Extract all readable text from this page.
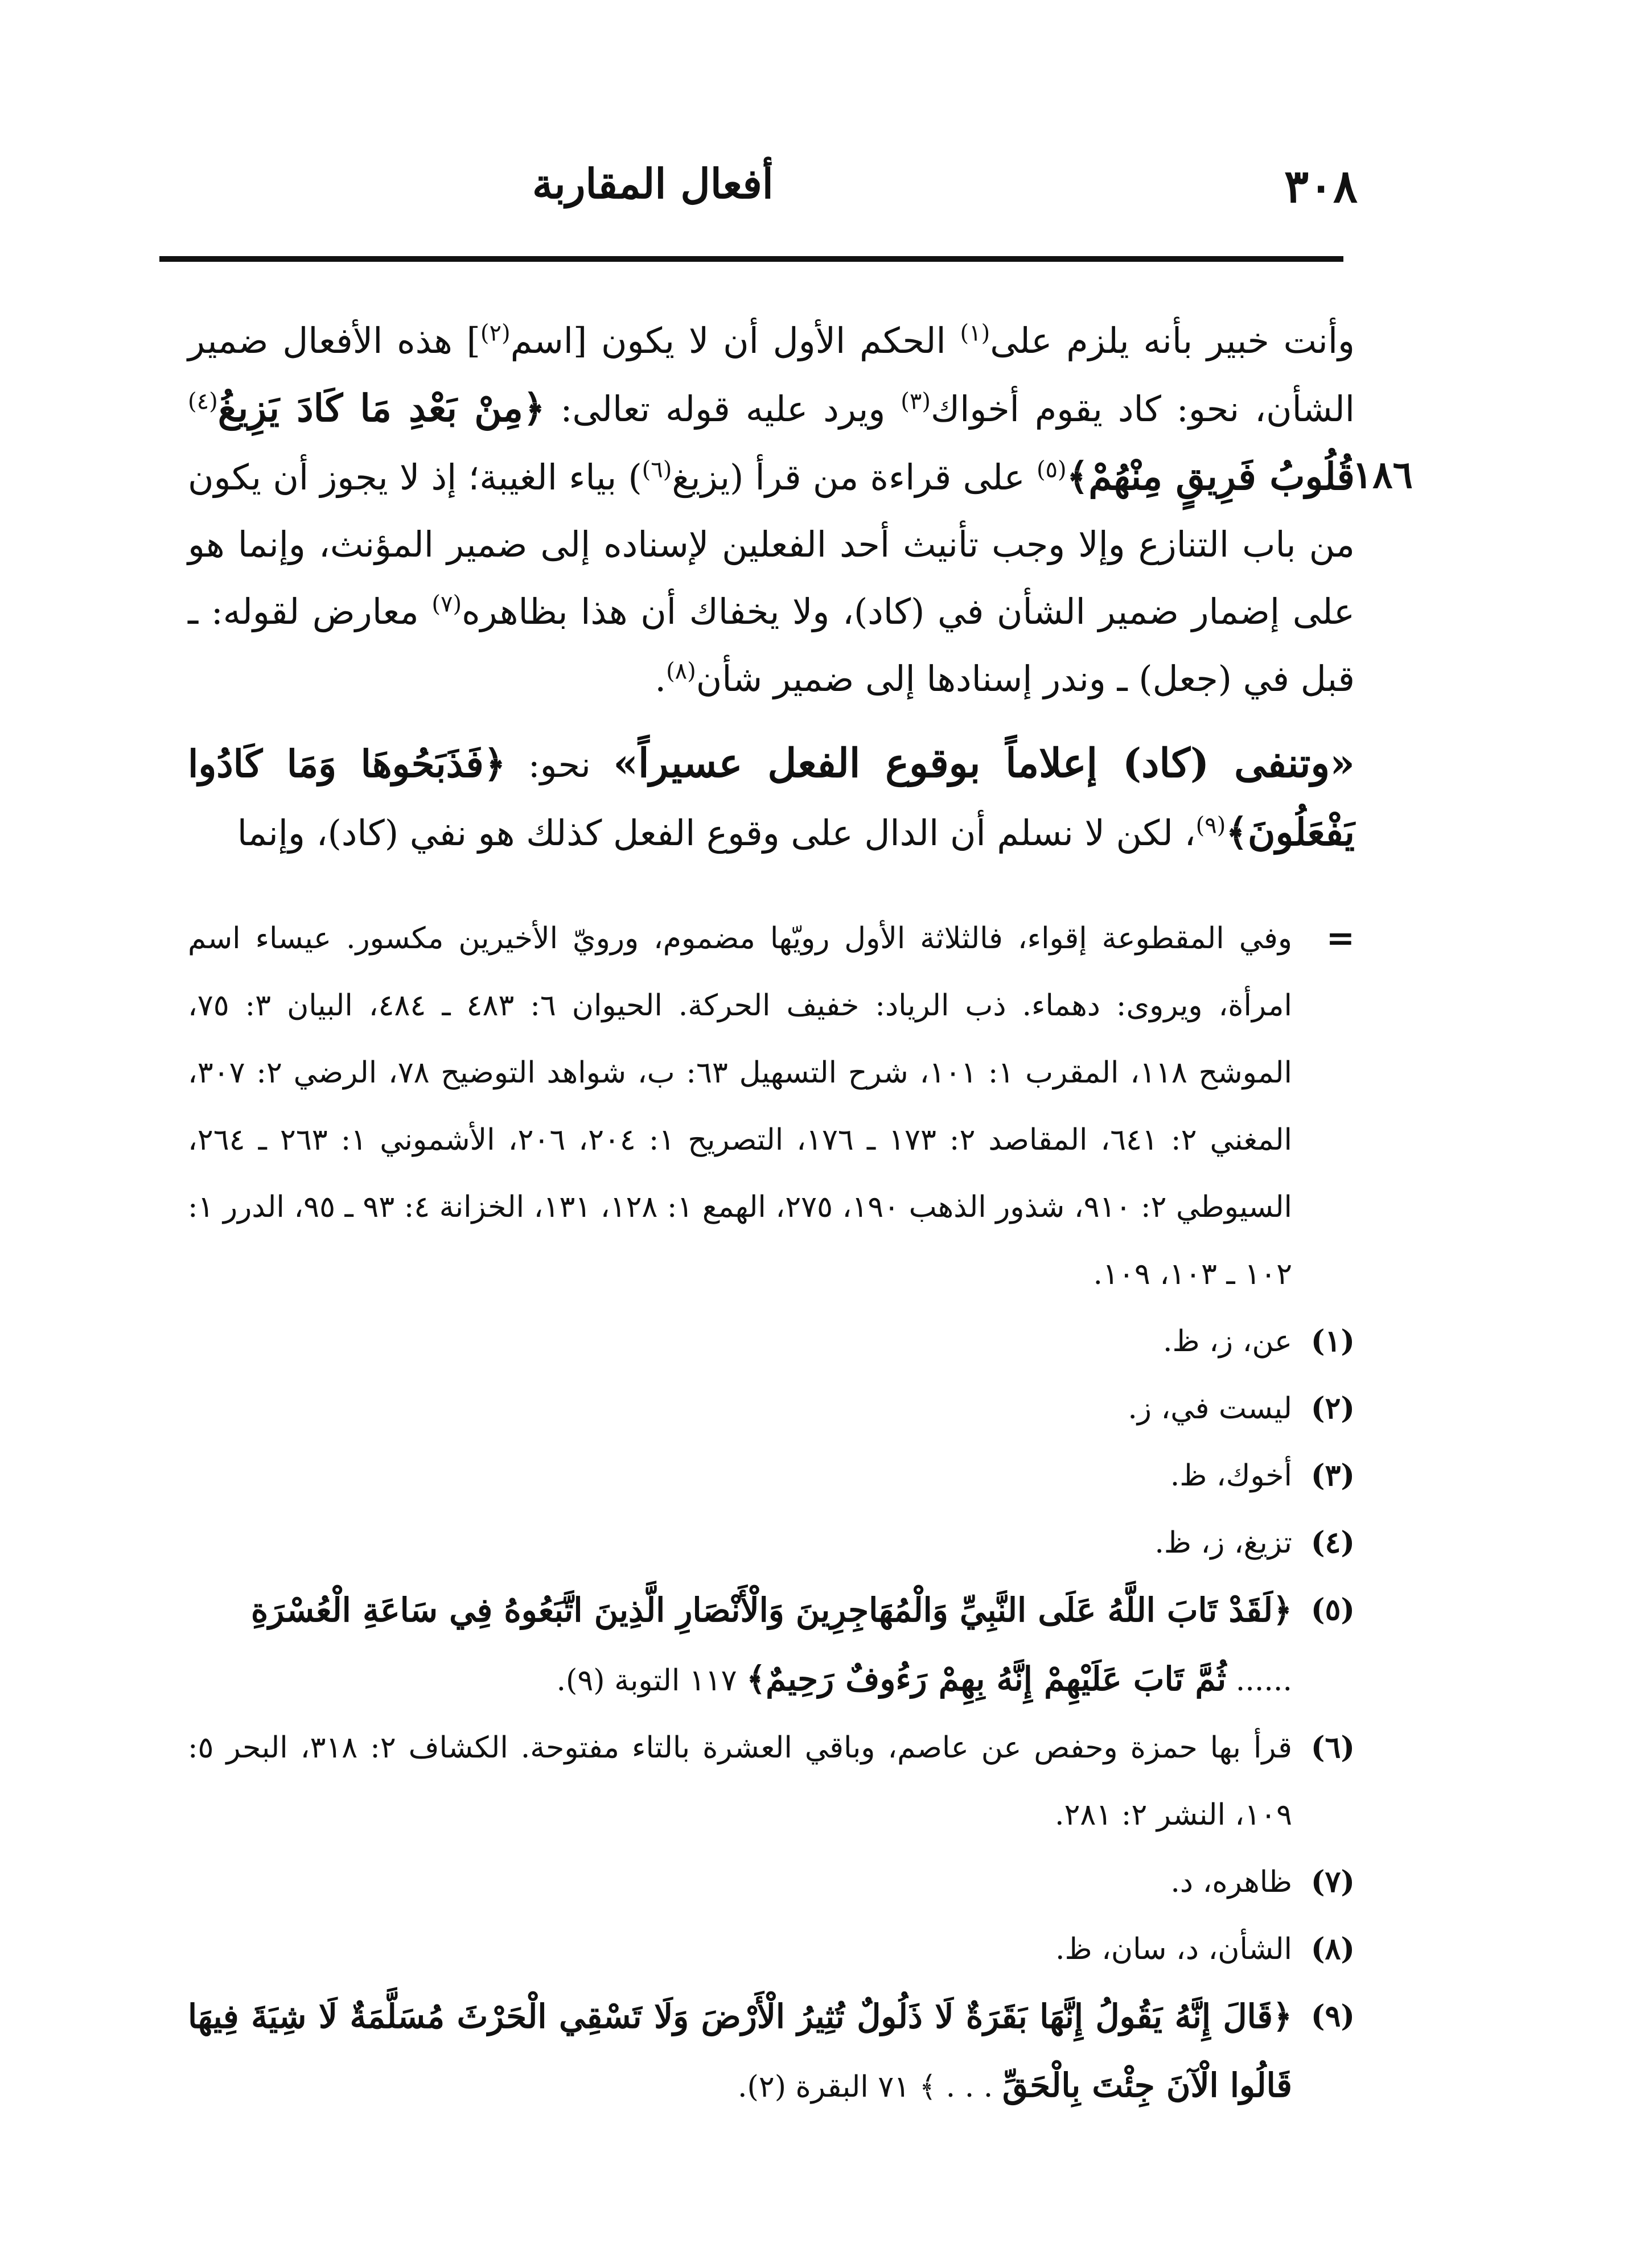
٣٠٨
أفعال المقاربة
١٨٦

وأنت خبير بأنه يلزم على$^{(١)}$ الحكم الأول أن لا يكون [اسم$^{(٢)}$] هذه الأفعال ضمير الشأن، نحو: كاد يقوم أخواك$^{(٣)}$ ويرد عليه قوله تعالى: ﴿مِنْ بَعْدِ مَا كَادَ يَزِيغُ$^{(٤)}$ قُلُوبُ فَرِيقٍ مِنْهُمْ﴾$^{(٥)}$ على قراءة من قرأ (يزيغ$^{(٦)}$) بياء الغيبة؛ إذ لا يجوز أن يكون من باب التنازع وإلا وجب تأنيث أحد الفعلين لإسناده إلى ضمير المؤنث، وإنما هو على إضمار ضمير الشأن في (كاد)، ولا يخفاك أن هذا بظاهره$^{(٧)}$ معارض لقوله: ـ قبل في (جعل) ـ وندر إسنادها إلى ضمير شأن$^{(٨)}$.

«وتنفى (كاد) إعلاماً بوقوع الفعل عسيراً» نحو: ﴿فَذَبَحُوهَا وَمَا كَادُوا يَفْعَلُونَ﴾$^{(٩)}$، لكن لا نسلم أن الدال على وقوع الفعل كذلك هو نفي (كاد)، وإنما

=

وفي المقطوعة إقواء، فالثلاثة الأول رويّها مضموم، ورويّ الأخيرين مكسور. عيساء اسم امرأة، ويروى: دهماء. ذب الرياد: خفيف الحركة. الحيوان ٦: ٤٨٣ ـ ٤٨٤، البيان ٣: ٧٥، الموشح ١١٨، المقرب ١: ١٠١، شرح التسهيل ٦٣: ب، شواهد التوضيح ٧٨، الرضي ٢: ٣٠٧، المغني ٢: ٦٤١، المقاصد ٢: ١٧٣ ـ ١٧٦، التصريح ١: ٢٠٤، ٢٠٦، الأشموني ١: ٢٦٣ ـ ٢٦٤، السيوطي ٢: ٩١٠، شذور الذهب ١٩٠، ٢٧٥، الهمع ١: ١٢٨، ١٣١، الخزانة ٤: ٩٣ ـ ٩٥، الدرر ١: ١٠٢ ـ ١٠٣، ١٠٩.

(١)
عن، ز، ظ.

(٢)
ليست في، ز.

(٣)
أخوك، ظ.

(٤)
تزيغ، ز، ظ.

(٥)
﴿لَقَدْ تَابَ اللَّهُ عَلَى النَّبِيِّ وَالْمُهَاجِرِينَ وَالْأَنْصَارِ الَّذِينَ اتَّبَعُوهُ فِي سَاعَةِ الْعُسْرَةِ
...... ثُمَّ تَابَ عَلَيْهِمْ إِنَّهُ بِهِمْ رَءُوفٌ رَحِيمٌ﴾ ١١٧ التوبة (٩).

(٦)
قرأ بها حمزة وحفص عن عاصم، وباقي العشرة بالتاء مفتوحة. الكشاف ٢: ٣١٨، البحر ٥: ١٠٩، النشر ٢: ٢٨١.

(٧)
ظاهره، د.

(٨)
الشأن، د، سان، ظ.

(٩)
﴿قَالَ إِنَّهُ يَقُولُ إِنَّهَا بَقَرَةٌ لَا ذَلُولٌ تُثِيرُ الْأَرْضَ وَلَا تَسْقِي الْحَرْثَ مُسَلَّمَةٌ لَا شِيَةَ فِيهَا قَالُوا الْآنَ جِئْتَ بِالْحَقِّ . . . ﴾ ٧١ البقرة (٢).
